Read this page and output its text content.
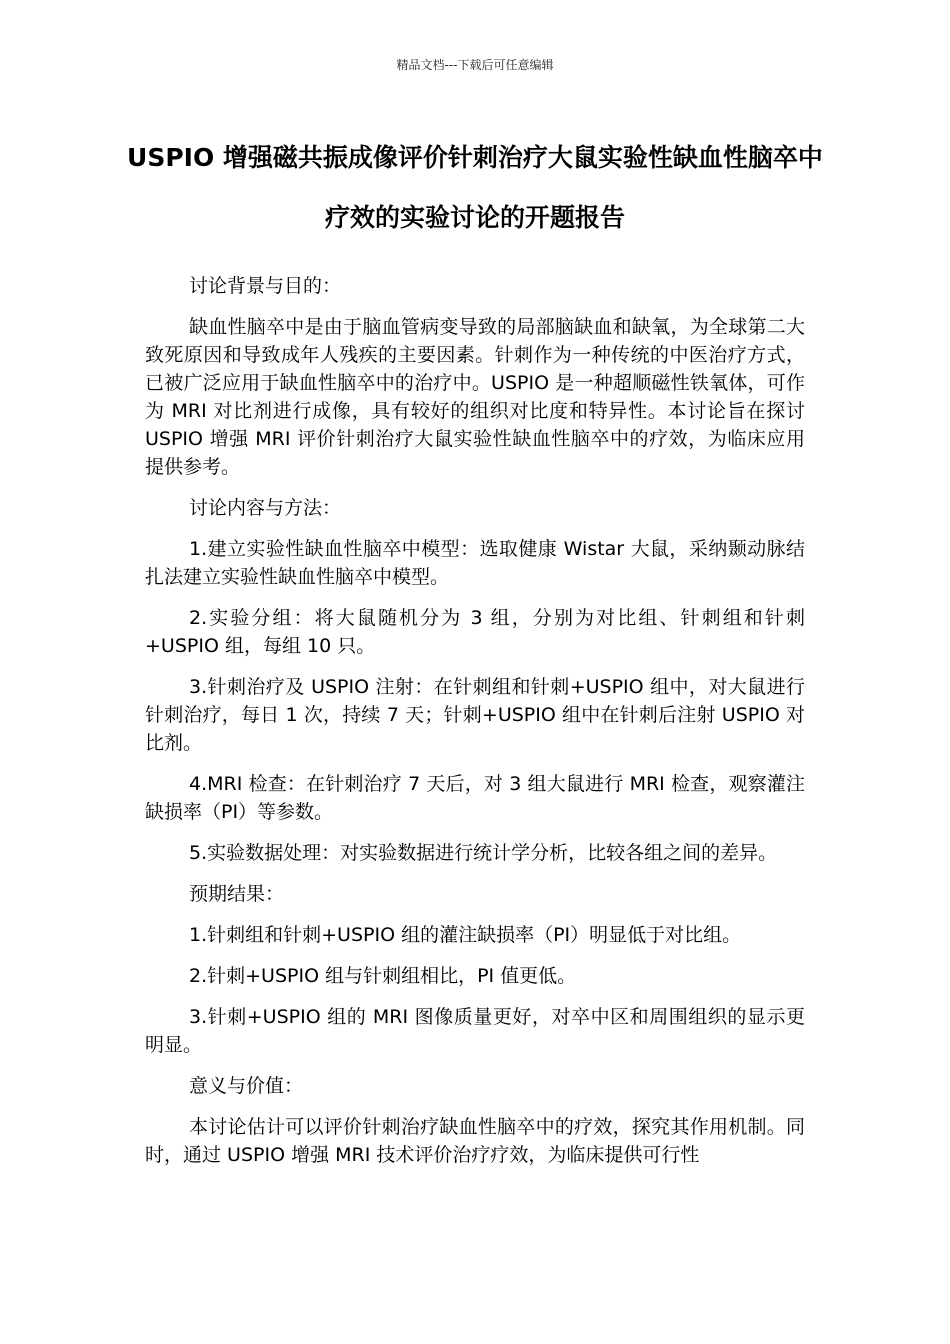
精品文档---下载后可任意编辑
USPIO 增强磁共振成像评价针刺治疗大鼠实验性缺血性脑卒中疗效的实验讨论的开题报告

讨论背景与目的：

缺血性脑卒中是由于脑血管病变导致的局部脑缺血和缺氧，为全球第二大致死原因和导致成年人残疾的主要因素。针刺作为一种传统的中医治疗方式，已被广泛应用于缺血性脑卒中的治疗中。USPIO 是一种超顺磁性铁氧体，可作为 MRI 对比剂进行成像，具有较好的组织对比度和特异性。本讨论旨在探讨 USPIO 增强 MRI 评价针刺治疗大鼠实验性缺血性脑卒中的疗效，为临床应用提供参考。

讨论内容与方法：

1.建立实验性缺血性脑卒中模型：选取健康 Wistar 大鼠，采纳颞动脉结扎法建立实验性缺血性脑卒中模型。

2.实验分组：将大鼠随机分为 3 组，分别为对比组、针刺组和针刺+USPIO 组，每组 10 只。

3.针刺治疗及 USPIO 注射：在针刺组和针刺+USPIO 组中，对大鼠进行针刺治疗，每日 1 次，持续 7 天；针刺+USPIO 组中在针刺后注射 USPIO 对比剂。

4.MRI 检查：在针刺治疗 7 天后，对 3 组大鼠进行 MRI 检查，观察灌注缺损率（PI）等参数。

5.实验数据处理：对实验数据进行统计学分析，比较各组之间的差异。

预期结果：

1.针刺组和针刺+USPIO 组的灌注缺损率（PI）明显低于对比组。

2.针刺+USPIO 组与针刺组相比，PI 值更低。

3.针刺+USPIO 组的 MRI 图像质量更好，对卒中区和周围组织的显示更明显。

意义与价值：

本讨论估计可以评价针刺治疗缺血性脑卒中的疗效，探究其作用机制。同时，通过 USPIO 增强 MRI 技术评价治疗疗效，为临床提供可行性
